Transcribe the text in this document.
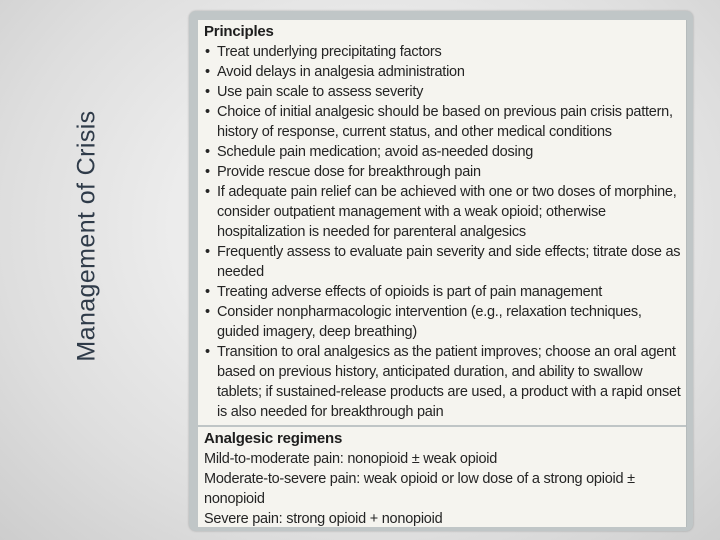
Management of Crisis
Principles
• Treat underlying precipitating factors
• Avoid delays in analgesia administration
• Use pain scale to assess severity
• Choice of initial analgesic should be based on previous pain crisis pattern, history of response, current status, and other medical conditions
• Schedule pain medication; avoid as-needed dosing
• Provide rescue dose for breakthrough pain
• If adequate pain relief can be achieved with one or two doses of morphine, consider outpatient management with a weak opioid; otherwise hospitalization is needed for parenteral analgesics
• Frequently assess to evaluate pain severity and side effects; titrate dose as needed
• Treating adverse effects of opioids is part of pain management
• Consider nonpharmacologic intervention (e.g., relaxation techniques, guided imagery, deep breathing)
• Transition to oral analgesics as the patient improves; choose an oral agent based on previous history, anticipated duration, and ability to swallow tablets; if sustained-release products are used, a product with a rapid onset is also needed for breakthrough pain
Analgesic regimens
Mild-to-moderate pain: nonopioid ± weak opioid
Moderate-to-severe pain: weak opioid or low dose of a strong opioid ± nonopioid
Severe pain: strong opioid + nonopioid
